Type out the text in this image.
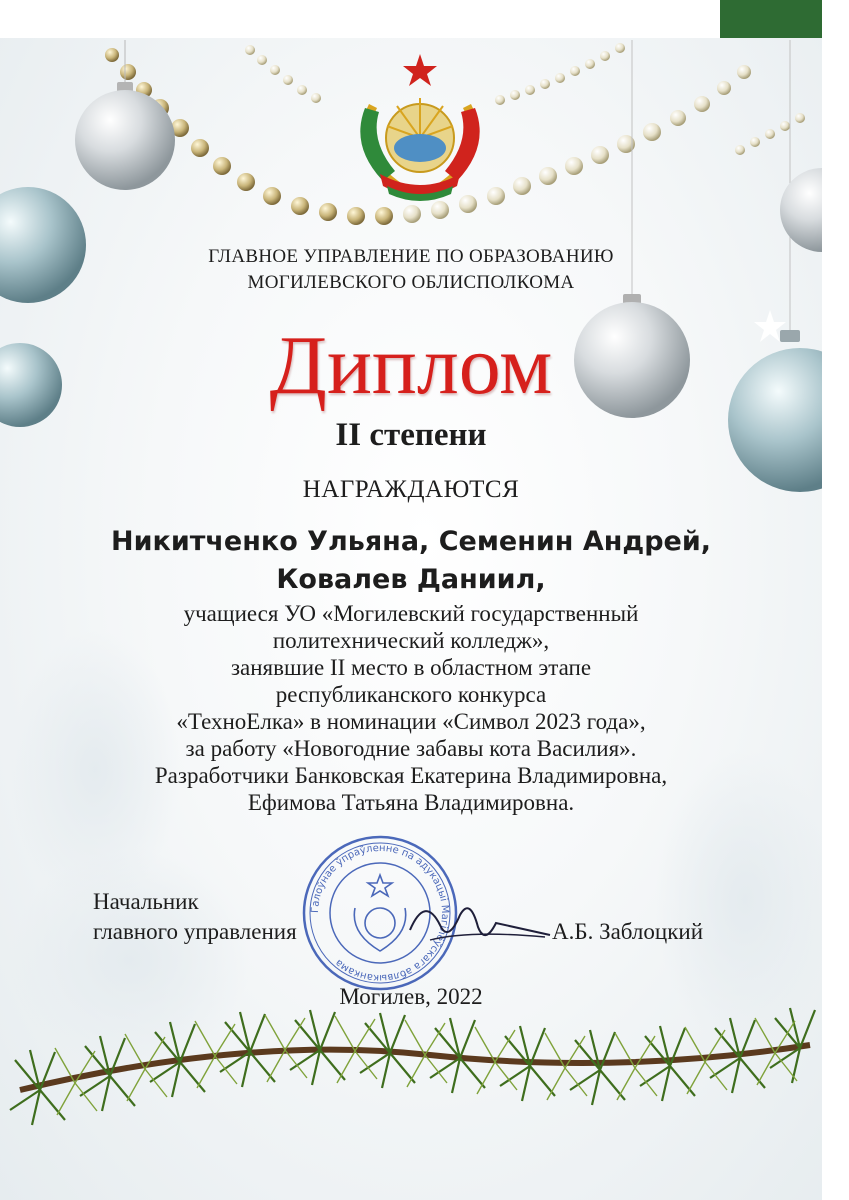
ГЛАВНОЕ УПРАВЛЕНИЕ ПО ОБРАЗОВАНИЮ
МОГИЛЕВСКОГО ОБЛИСПОЛКОМА
Диплом
II степени
НАГРАЖДАЮТСЯ
Никитченко Ульяна, Семенин Андрей,
Ковалев Даниил,
учащиеся УО «Могилевский государственный
политехнический колледж»,
занявшие II место в областном этапе
республиканского конкурса
«ТехноЕлка» в номинации «Символ 2023 года»,
за работу «Новогодние забавы кота Василия».
Разработчики Банковская Екатерина Владимировна,
Ефимова Татьяна Владимировна.
Галоўнае ўпраўленне па адукацыі Магілёўскага аблвыканкама
Начальник
главного управления	А.Б. Заблоцкий
Могилев, 2022
